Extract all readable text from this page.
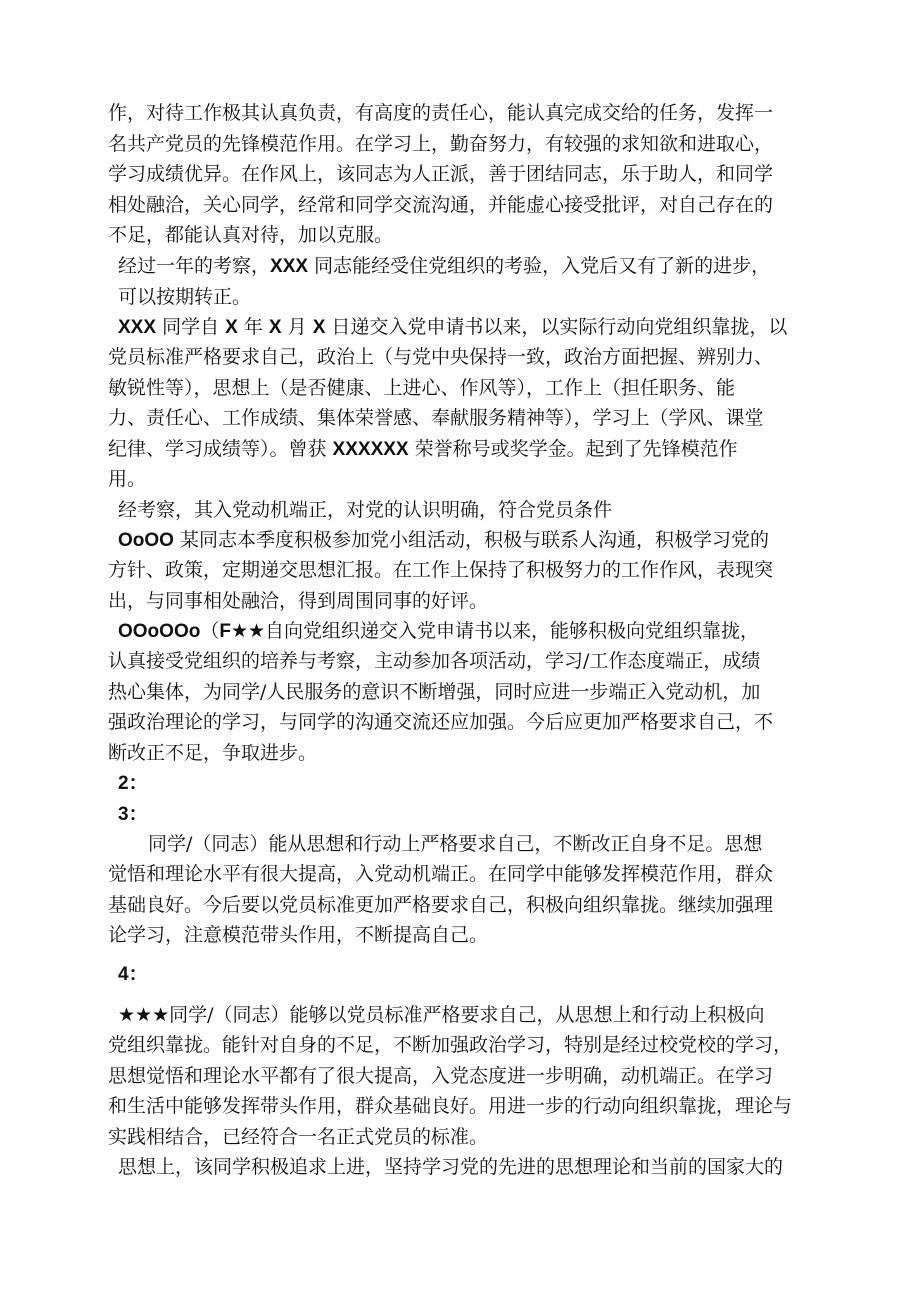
作，对待工作极其认真负责，有高度的责任心，能认真完成交给的任务，发挥一
名共产党员的先锋模范作用。在学习上，勤奋努力，有较强的求知欲和进取心，
学习成绩优异。在作风上，该同志为人正派，善于团结同志，乐于助人，和同学
相处融洽，关心同学，经常和同学交流沟通，并能虚心接受批评，对自己存在的
不足，都能认真对待，加以克服。
经过一年的考察，XXX 同志能经受住党组织的考验，入党后又有了新的进步，
可以按期转正。
XXX 同学自 X 年 X 月 X 日递交入党申请书以来，以实际行动向党组织靠拢，以
党员标准严格要求自己，政治上（与党中央保持一致，政治方面把握、辨别力、
敏锐性等），思想上（是否健康、上进心、作风等），工作上（担任职务、能
力、责任心、工作成绩、集体荣誉感、奉献服务精神等），学习上（学风、课堂
纪律、学习成绩等）。曾获 XXXXXX 荣誉称号或奖学金。起到了先锋模范作
用。
经考察，其入党动机端正，对党的认识明确，符合党员条件
OoOO 某同志本季度积极参加党小组活动，积极与联系人沟通，积极学习党的
方针、政策，定期递交思想汇报。在工作上保持了积极努力的工作作风，表现突
出，与同事相处融洽，得到周围同事的好评。
OOoOOo（F★★自向党组织递交入党申请书以来，能够积极向党组织靠拢，
认真接受党组织的培养与考察，主动参加各项活动，学习/工作态度端正，成绩
热心集体，为同学/人民服务的意识不断增强，同时应进一步端正入党动机，加
强政治理论的学习，与同学的沟通交流还应加强。今后应更加严格要求自己，不
断改正不足，争取进步。
2：
3：
同学/（同志）能从思想和行动上严格要求自己，不断改正自身不足。思想
觉悟和理论水平有很大提高，入党动机端正。在同学中能够发挥模范作用，群众
基础良好。今后要以党员标准更加严格要求自己，积极向组织靠拢。继续加强理
论学习，注意模范带头作用，不断提高自己。
4：
★★★同学/（同志）能够以党员标准严格要求自己，从思想上和行动上积极向
党组织靠拢。能针对自身的不足，不断加强政治学习，特别是经过校党校的学习，
思想觉悟和理论水平都有了很大提高，入党态度进一步明确，动机端正。在学习
和生活中能够发挥带头作用，群众基础良好。用进一步的行动向组织靠拢，理论与
实践相结合，已经符合一名正式党员的标准。
思想上，该同学积极追求上进，坚持学习党的先进的思想理论和当前的国家大的
